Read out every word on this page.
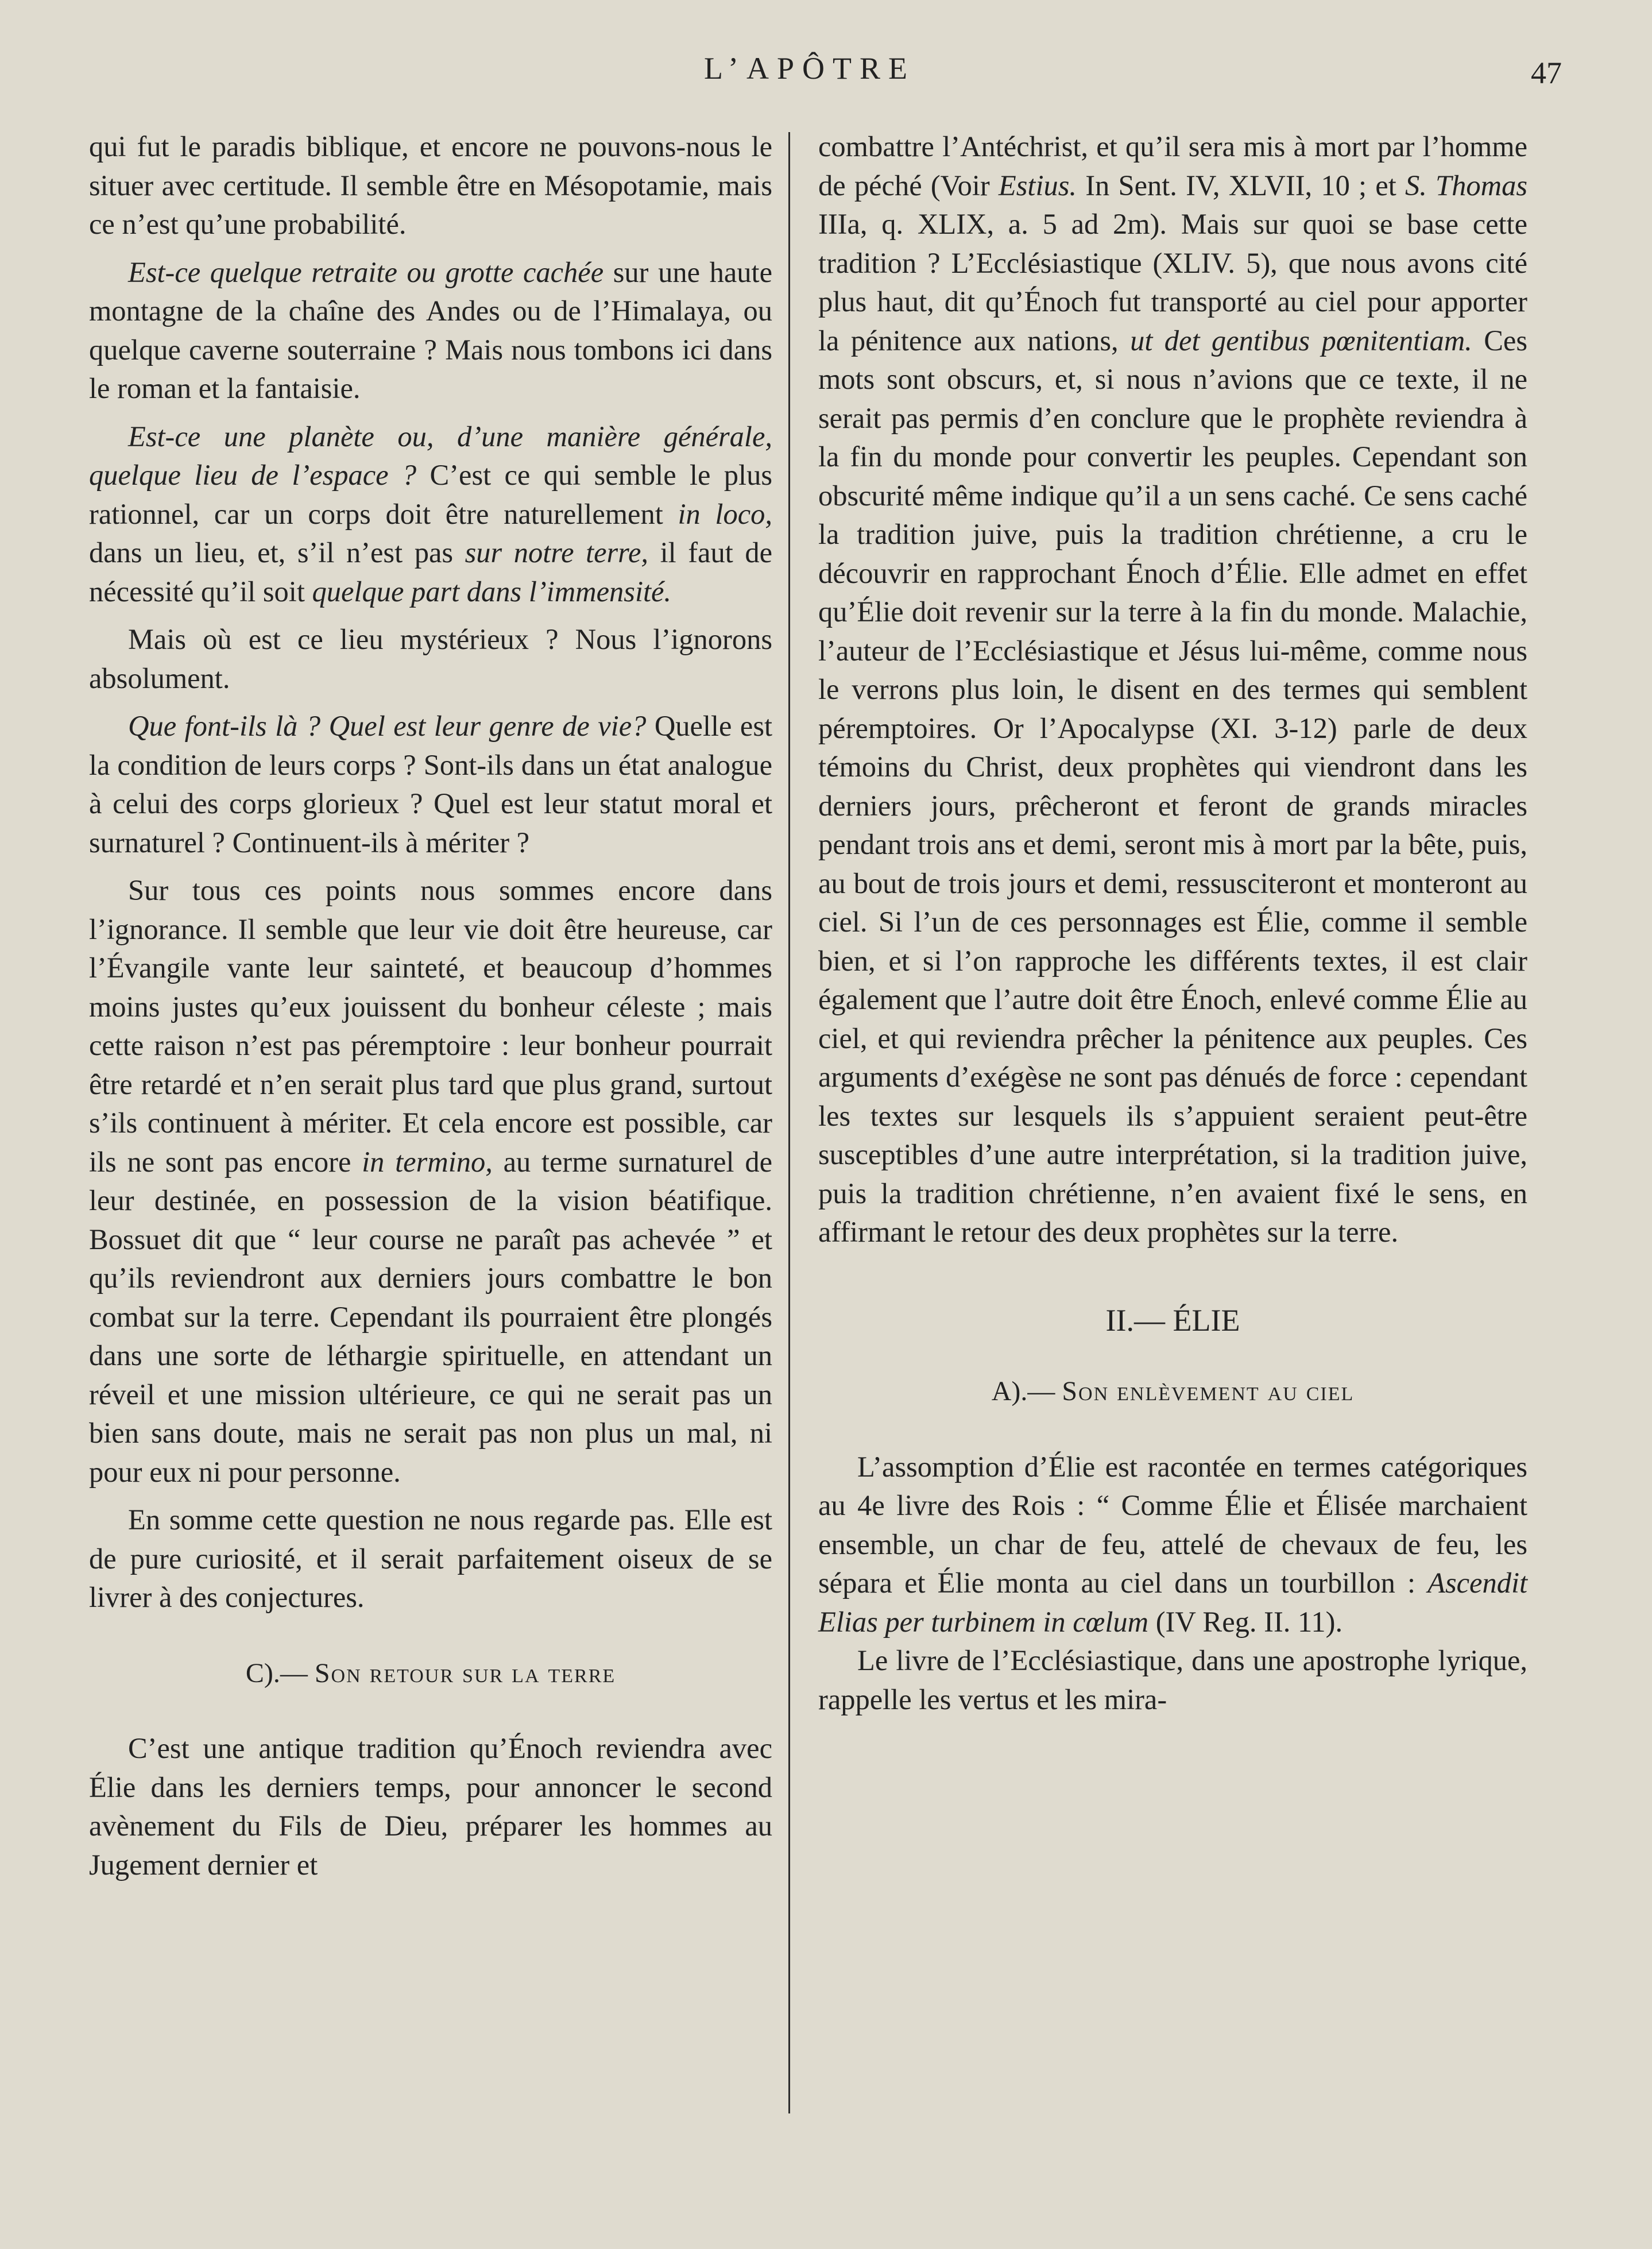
L’APÔTRE	47

qui fut le paradis biblique, et encore ne pouvons-nous le situer avec certitude. Il semble être en Mésopotamie, mais ce n’est qu’une probabilité.

Est-ce quelque retraite ou grotte cachée sur une haute montagne de la chaîne des Andes ou de l’Himalaya, ou quelque caverne souterraine ? Mais nous tombons ici dans le roman et la fantaisie.

Est-ce une planète ou, d’une manière générale, quelque lieu de l’espace ? C’est ce qui semble le plus rationnel, car un corps doit être naturellement in loco, dans un lieu, et, s’il n’est pas sur notre terre, il faut de nécessité qu’il soit quelque part dans l’immensité.

Mais où est ce lieu mystérieux ? Nous l’ignorons absolument.

Que font-ils là ? Quel est leur genre de vie? Quelle est la condition de leurs corps ? Sont-ils dans un état analogue à celui des corps glorieux ? Quel est leur statut moral et surnaturel ? Continuent-ils à mériter ?

Sur tous ces points nous sommes encore dans l’ignorance. Il semble que leur vie doit être heureuse, car l’Évangile vante leur sainteté, et beaucoup d’hommes moins justes qu’eux jouissent du bonheur céleste ; mais cette raison n’est pas péremptoire : leur bonheur pourrait être retardé et n’en serait plus tard que plus grand, surtout s’ils continuent à mériter. Et cela encore est possible, car ils ne sont pas encore in termino, au terme surnaturel de leur destinée, en possession de la vision béatifique. Bossuet dit que “ leur course ne paraît pas achevée ” et qu’ils reviendront aux derniers jours combattre le bon combat sur la terre. Cependant ils pourraient être plongés dans une sorte de léthargie spirituelle, en attendant un réveil et une mission ultérieure, ce qui ne serait pas un bien sans doute, mais ne serait pas non plus un mal, ni pour eux ni pour personne.

En somme cette question ne nous regarde pas. Elle est de pure curiosité, et il serait parfaitement oiseux de se livrer à des conjectures.

C).— Son retour sur la terre

C’est une antique tradition qu’Énoch reviendra avec Élie dans les derniers temps, pour annoncer le second avènement du Fils de Dieu, préparer les hommes au Jugement dernier et

combattre l’Antéchrist, et qu’il sera mis à mort par l’homme de péché (Voir Estius. In Sent. IV, XLVII, 10 ; et S. Thomas IIIa, q. XLIX, a. 5 ad 2m). Mais sur quoi se base cette tradition ? L’Ecclésiastique (XLIV. 5), que nous avons cité plus haut, dit qu’Énoch fut transporté au ciel pour apporter la pénitence aux nations, ut det gentibus pœnitentiam. Ces mots sont obscurs, et, si nous n’avions que ce texte, il ne serait pas permis d’en conclure que le prophète reviendra à la fin du monde pour convertir les peuples. Cependant son obscurité même indique qu’il a un sens caché. Ce sens caché la tradition juive, puis la tradition chrétienne, a cru le découvrir en rapprochant Énoch d’Élie. Elle admet en effet qu’Élie doit revenir sur la terre à la fin du monde. Malachie, l’auteur de l’Ecclésiastique et Jésus lui-même, comme nous le verrons plus loin, le disent en des termes qui semblent péremptoires. Or l’Apocalypse (XI. 3-12) parle de deux témoins du Christ, deux prophètes qui viendront dans les derniers jours, prêcheront et feront de grands miracles pendant trois ans et demi, seront mis à mort par la bête, puis, au bout de trois jours et demi, ressusciteront et monteront au ciel. Si l’un de ces personnages est Élie, comme il semble bien, et si l’on rapproche les différents textes, il est clair également que l’autre doit être Énoch, enlevé comme Élie au ciel, et qui reviendra prêcher la pénitence aux peuples. Ces arguments d’exégèse ne sont pas dénués de force : cependant les textes sur lesquels ils s’appuient seraient peut-être susceptibles d’une autre interprétation, si la tradition juive, puis la tradition chrétienne, n’en avaient fixé le sens, en affirmant le retour des deux prophètes sur la terre.

II.— ÉLIE
A).— Son enlèvement au ciel

L’assomption d’Élie est racontée en termes catégoriques au 4e livre des Rois : “ Comme Élie et Élisée marchaient ensemble, un char de feu, attelé de chevaux de feu, les sépara et Élie monta au ciel dans un tourbillon : Ascendit Elias per turbinem in cœlum (IV Reg. II. 11).

Le livre de l’Ecclésiastique, dans une apostrophe lyrique, rappelle les vertus et les mira-
